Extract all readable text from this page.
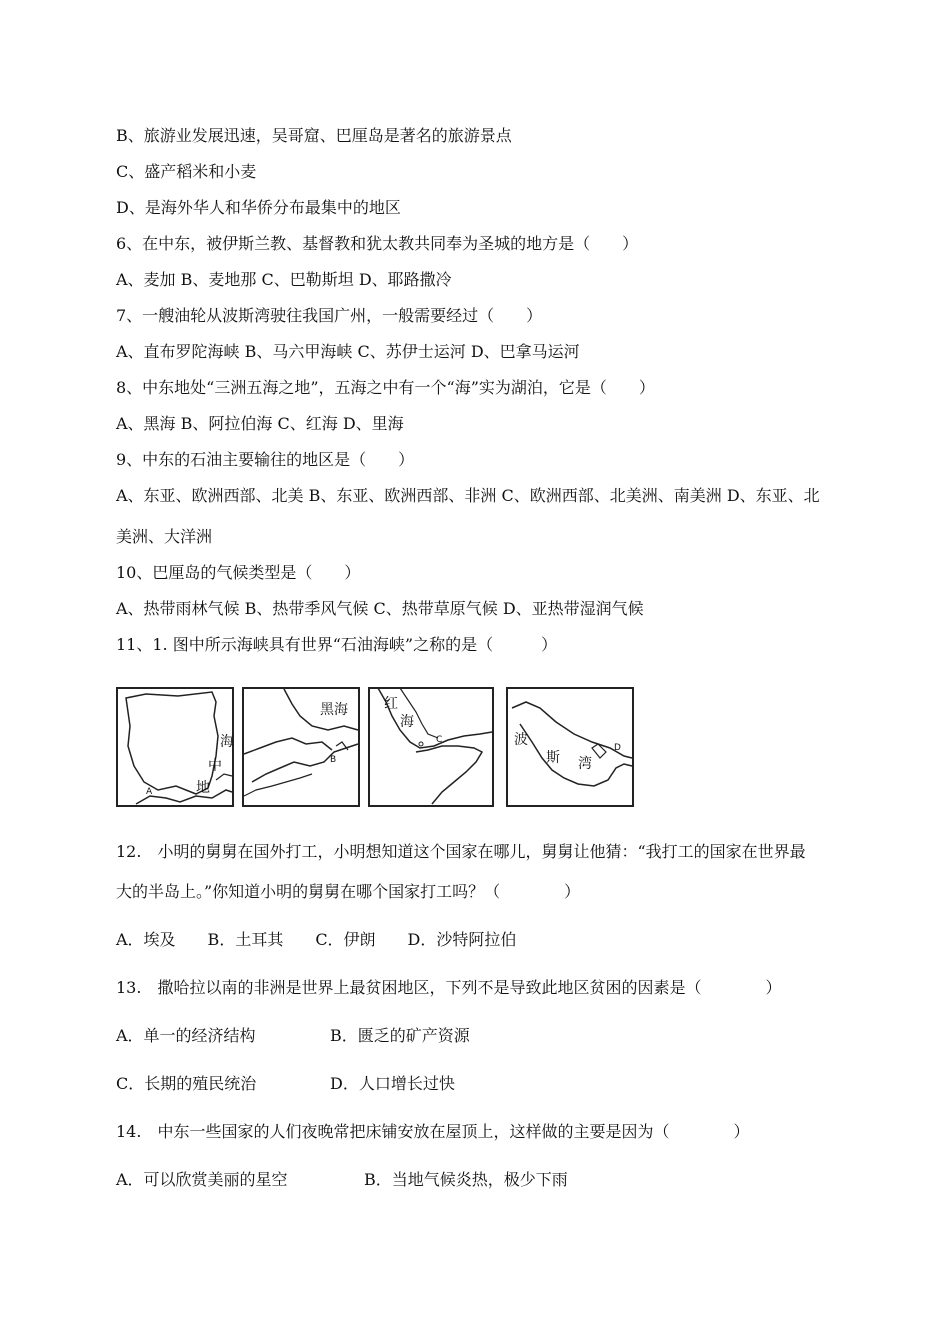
B、旅游业发展迅速，吴哥窟、巴厘岛是著名的旅游景点
C、盛产稻米和小麦
D、是海外华人和华侨分布最集中的地区
6、在中东，被伊斯兰教、基督教和犹太教共同奉为圣城的地方是（　　）
A、麦加 B、麦地那 C、巴勒斯坦 D、耶路撒冷
7、一艘油轮从波斯湾驶往我国广州，一般需要经过（　　）
A、直布罗陀海峡 B、马六甲海峡 C、苏伊士运河 D、巴拿马运河
8、中东地处“三洲五海之地”，五海之中有一个“海”实为湖泊，它是（　　）
A、黑海 B、阿拉伯海 C、红海 D、里海
9、中东的石油主要输往的地区是（　　）
A、东亚、欧洲西部、北美 B、东亚、欧洲西部、非洲 C、欧洲西部、北美洲、南美洲 D、东亚、北
美洲、大洋洲
10、巴厘岛的气候类型是（　　）
A、热带雨林气候 B、热带季风气候 C、热带草原气候 D、亚热带湿润气候
11、1. 图中所示海峡具有世界“石油海峡”之称的是（　　　）
海
中
地
A
黑海
B
红
海
C	波
斯 湾
D
12.　小明的舅舅在国外打工，小明想知道这个国家在哪儿，舅舅让他猜：“我打工的国家在世界最
大的半岛上。”你知道小明的舅舅在哪个国家打工吗？（　　　　）
A．埃及　　B．土耳其　　C．伊朗　　D．沙特阿拉伯
13.　撒哈拉以南的非洲是世界上最贫困地区，下列不是导致此地区贫困的因素是（　　　　）
A．单一的经济结构	B．匮乏的矿产资源
C．长期的殖民统治	D．人口增长过快
14.　中东一些国家的人们夜晚常把床铺安放在屋顶上，这样做的主要是因为（　　　　）
A．可以欣赏美丽的星空	B．当地气候炎热，极少下雨
